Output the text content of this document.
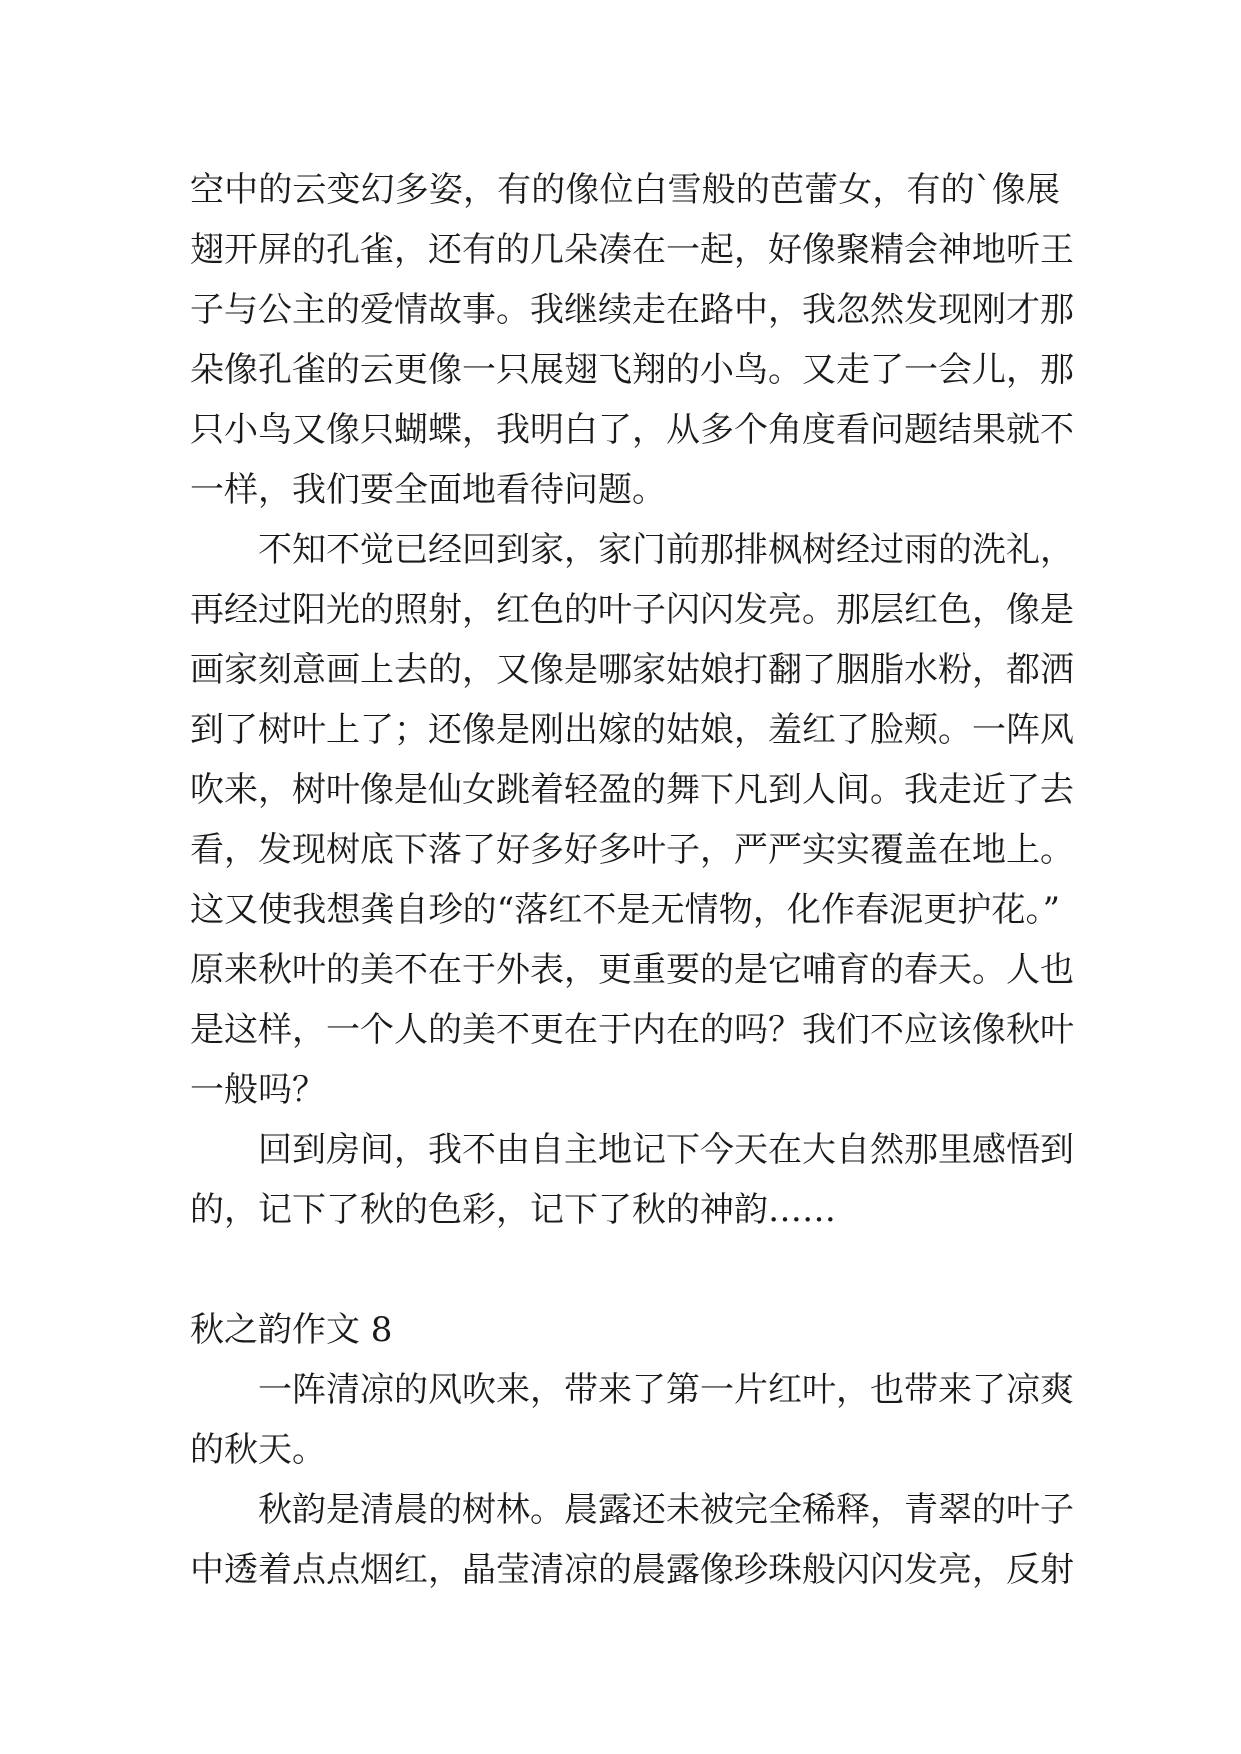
空中的云变幻多姿，有的像位白雪般的芭蕾女，有的`像展
翅开屏的孔雀，还有的几朵凑在一起，好像聚精会神地听王
子与公主的爱情故事。我继续走在路中，我忽然发现刚才那
朵像孔雀的云更像一只展翅飞翔的小鸟。又走了一会儿，那
只小鸟又像只蝴蝶，我明白了，从多个角度看问题结果就不
一样，我们要全面地看待问题。
不知不觉已经回到家，家门前那排枫树经过雨的洗礼，
再经过阳光的照射，红色的叶子闪闪发亮。那层红色，像是
画家刻意画上去的，又像是哪家姑娘打翻了胭脂水粉，都洒
到了树叶上了；还像是刚出嫁的姑娘，羞红了脸颊。一阵风
吹来，树叶像是仙女跳着轻盈的舞下凡到人间。我走近了去
看，发现树底下落了好多好多叶子，严严实实覆盖在地上。
这又使我想龚自珍的“落红不是无情物，化作春泥更护花。”
原来秋叶的美不在于外表，更重要的是它哺育的春天。人也
是这样，一个人的美不更在于内在的吗？我们不应该像秋叶
一般吗？
回到房间，我不由自主地记下今天在大自然那里感悟到
的，记下了秋的色彩，记下了秋的神韵……
秋之韵作文 8
一阵清凉的风吹来，带来了第一片红叶，也带来了凉爽
的秋天。
秋韵是清晨的树林。晨露还未被完全稀释，青翠的叶子
中透着点点烟红，晶莹清凉的晨露像珍珠般闪闪发亮，反射
